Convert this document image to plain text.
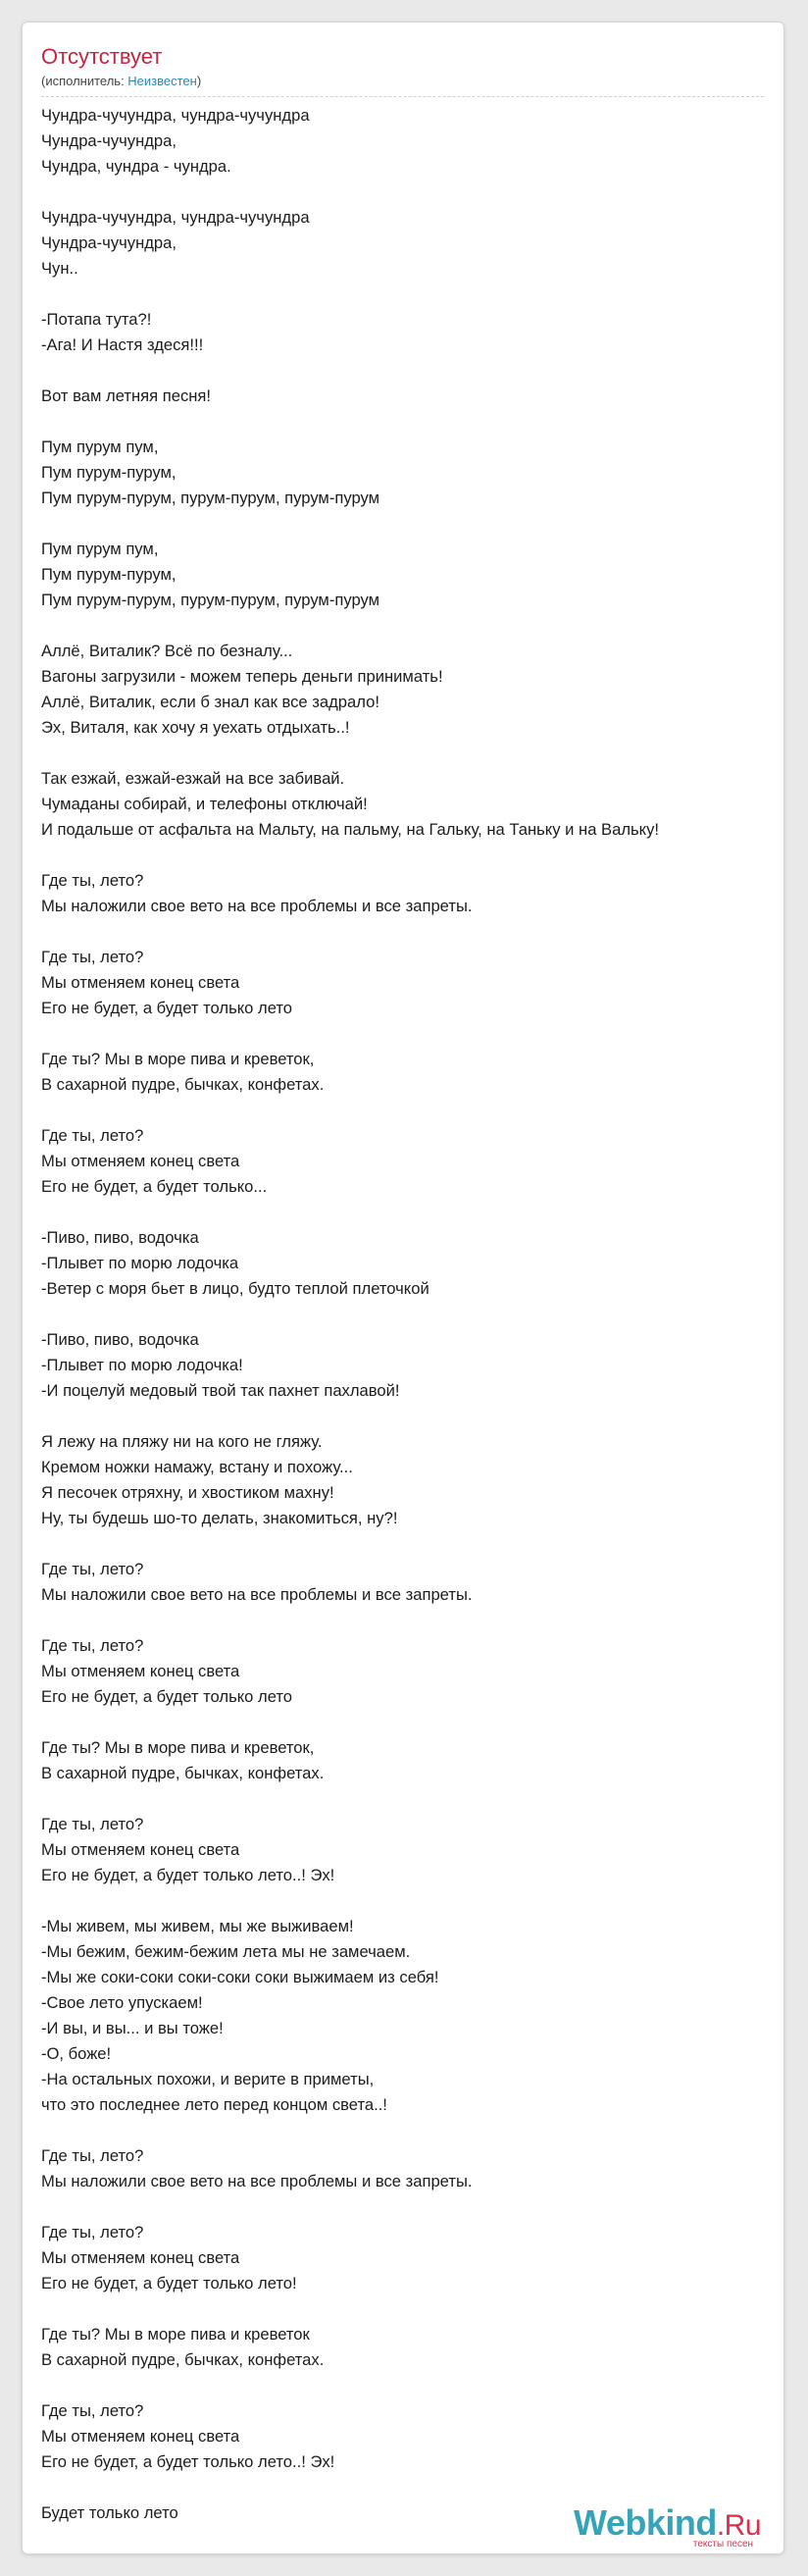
Отсутствует
(исполнитель: Неизвестен)
Чундра-чучундра, чундра-чучундра
Чундра-чучундра,
Чундра, чундра - чундра.

Чундра-чучундра, чундра-чучундра
Чундра-чучундра,
Чун..

-Потапа тута?!
-Ага! И Настя здеся!!!

Вот вам летняя песня!

Пум пурум пум,
Пум пурум-пурум,
Пум пурум-пурум, пурум-пурум, пурум-пурум

Пум пурум пум,
Пум пурум-пурум,
Пум пурум-пурум, пурум-пурум, пурум-пурум

Аллё, Виталик? Всё по безналу...
Вагоны загрузили - можем теперь деньги принимать!
Аллё, Виталик, если б знал как все задрало!
Эх, Виталя, как хочу я уехать отдыхать..!

Так езжай, езжай-езжай на все забивай.
Чумаданы собирай, и телефоны отключай!
И подальше от асфальта на Мальту, на пальму, на Гальку, на Таньку и на Вальку!

Где ты, лето?
Мы наложили свое вето на все проблемы и все запреты.

Где ты, лето?
Мы отменяем конец света
Его не будет, а будет только лето

Где ты? Мы в море пива и креветок,
В сахарной пудре, бычках, конфетах.

Где ты, лето?
Мы отменяем конец света
Его не будет, а будет только...

-Пиво, пиво, водочка
-Плывет по морю лодочка
-Ветер с моря бьет в лицо, будто теплой плеточкой

-Пиво, пиво, водочка
-Плывет по морю лодочка!
-И поцелуй медовый твой так пахнет пахлавой!

Я лежу на пляжу ни на кого не гляжу.
Кремом ножки намажу, встану и похожу...
Я песочек отряхну, и хвостиком махну!
Ну, ты будешь шо-то делать, знакомиться, ну?!

Где ты, лето?
Мы наложили свое вето на все проблемы и все запреты.

Где ты, лето?
Мы отменяем конец света
Его не будет, а будет только лето

Где ты? Мы в море пива и креветок,
В сахарной пудре, бычках, конфетах.

Где ты, лето?
Мы отменяем конец света
Его не будет, а будет только лето..! Эх!

-Мы живем, мы живем, мы же выживаем!
-Мы бежим, бежим-бежим лета мы не замечаем.
-Мы же соки-соки соки-соки соки выжимаем из себя!
-Свое лето упускаем!
-И вы, и вы... и вы тоже!
-О, боже!
-На остальных похожи, и верите в приметы,
что это последнее лето перед концом света..!

Где ты, лето?
Мы наложили свое вето на все проблемы и все запреты.

Где ты, лето?
Мы отменяем конец света
Его не будет, а будет только лето!

Где ты? Мы в море пива и креветок
В сахарной пудре, бычках, конфетах.

Где ты, лето?
Мы отменяем конец света
Его не будет, а будет только лето..! Эх!

Будет только лето	Webkind.Ru
тексты песен
